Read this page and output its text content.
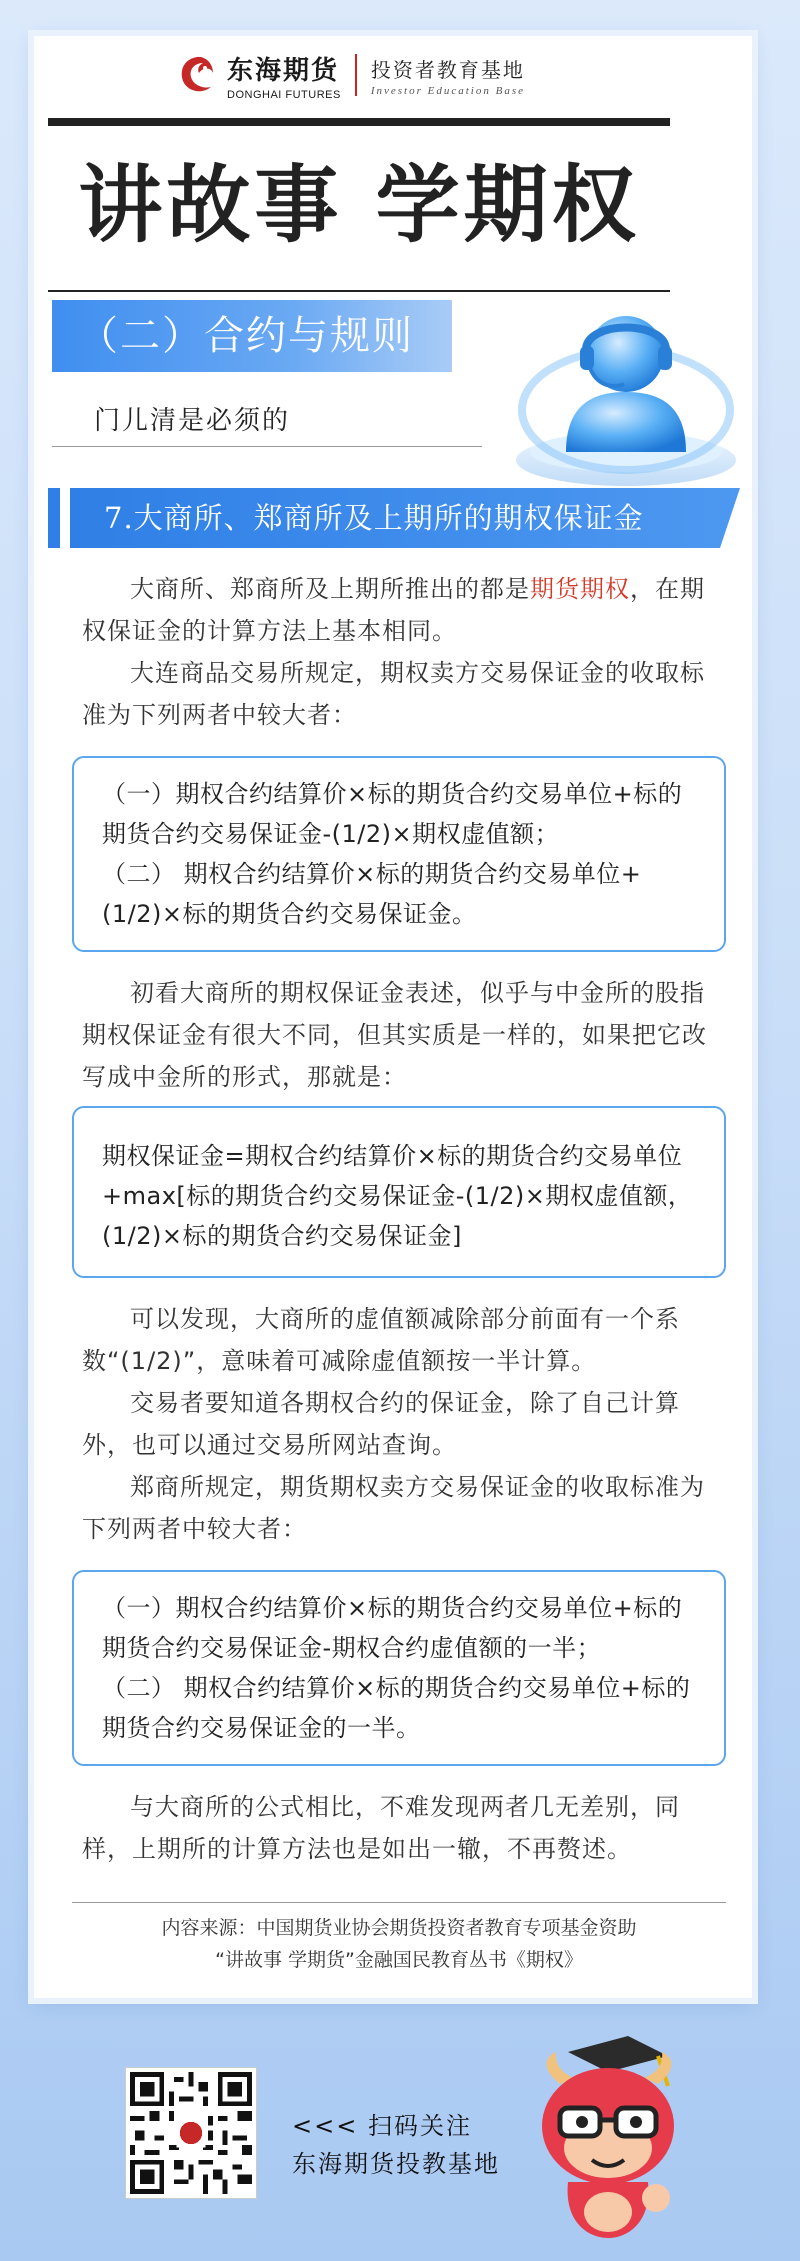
东海期货
DONGHAI FUTURES
投资者教育基地
Investor Education Base
讲故事 学期权
（二）合约与规则
门儿清是必须的
7.大商所、郑商所及上期所的期权保证金

大商所、郑商所及上期所推出的都是期货期权，在期权保证金的计算方法上基本相同。

大连商品交易所规定，期权卖方交易保证金的收取标准为下列两者中较大者：

（一）期权合约结算价×标的期货合约交易单位+标的期货合约交易保证金-(1/2)×期权虚值额；

（二） 期权合约结算价×标的期货合约交易单位+(1/2)×标的期货合约交易保证金。

初看大商所的期权保证金表述，似乎与中金所的股指期权保证金有很大不同，但其实质是一样的，如果把它改写成中金所的形式，那就是：

期权保证金=期权合约结算价×标的期货合约交易单位+max[标的期货合约交易保证金-(1/2)×期权虚值额，(1/2)×标的期货合约交易保证金]

可以发现，大商所的虚值额减除部分前面有一个系数“(1/2)”，意味着可减除虚值额按一半计算。

交易者要知道各期权合约的保证金，除了自己计算外，也可以通过交易所网站查询。

郑商所规定，期货期权卖方交易保证金的收取标准为下列两者中较大者：

（一）期权合约结算价×标的期货合约交易单位+标的期货合约交易保证金-期权合约虚值额的一半；

（二） 期权合约结算价×标的期货合约交易单位+标的期货合约交易保证金的一半。

与大商所的公式相比，不难发现两者几无差别，同样，上期所的计算方法也是如出一辙，不再赘述。

内容来源：中国期货业协会期货投资者教育专项基金资助
“讲故事 学期货”金融国民教育丛书《期权》
<<< 扫码关注
东海期货投教基地
